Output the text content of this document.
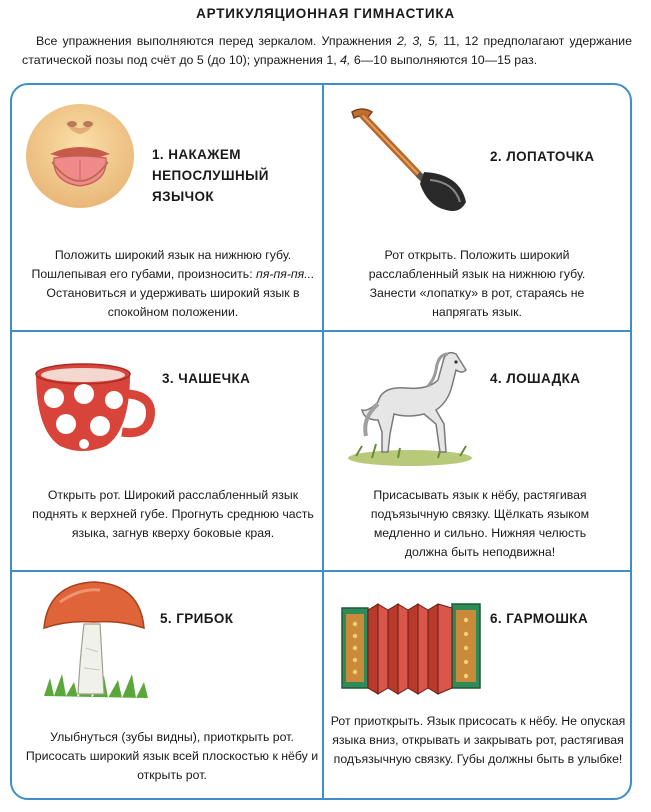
АРТИКУЛЯЦИОННАЯ ГИМНАСТИКА
Все упражнения выполняются перед зеркалом. Упражнения 2, 3, 5, 11, 12 предполагают удержание статической позы под счёт до 5 (до 10); упражнения 1, 4, 6—10 выполняются 10—15 раз.
1. НАКАЖЕМ
НЕПОСЛУШНЫЙ
ЯЗЫЧОК
Положить широкий язык на нижнюю губу. Пошлепывая его губами, произносить: пя-пя-пя... Остановиться и удерживать широкий язык в спокойном положении.
2. ЛОПАТОЧКА
Рот открыть. Положить широкий расслабленный язык на нижнюю губу. Занести «лопатку» в рот, стараясь не напрягать язык.
3. ЧАШЕЧКА
Открыть рот. Широкий расслабленный язык поднять к верхней губе. Прогнуть среднюю часть языка, загнув кверху боковые края.
4. ЛОШАДКА
Присасывать язык к нёбу, растягивая подъязычную связку. Щёлкать языком медленно и сильно. Нижняя челюсть должна быть неподвижна!
5. ГРИБОК
Улыбнуться (зубы видны), приоткрыть рот. Присосать широкий язык всей плоскостью к нёбу и открыть рот.
6. ГАРМОШКА
Рот приоткрыть. Язык присосать к нёбу. Не опуская языка вниз, открывать и закрывать рот, растягивая подъязычную связку. Губы должны быть в улыбке!
